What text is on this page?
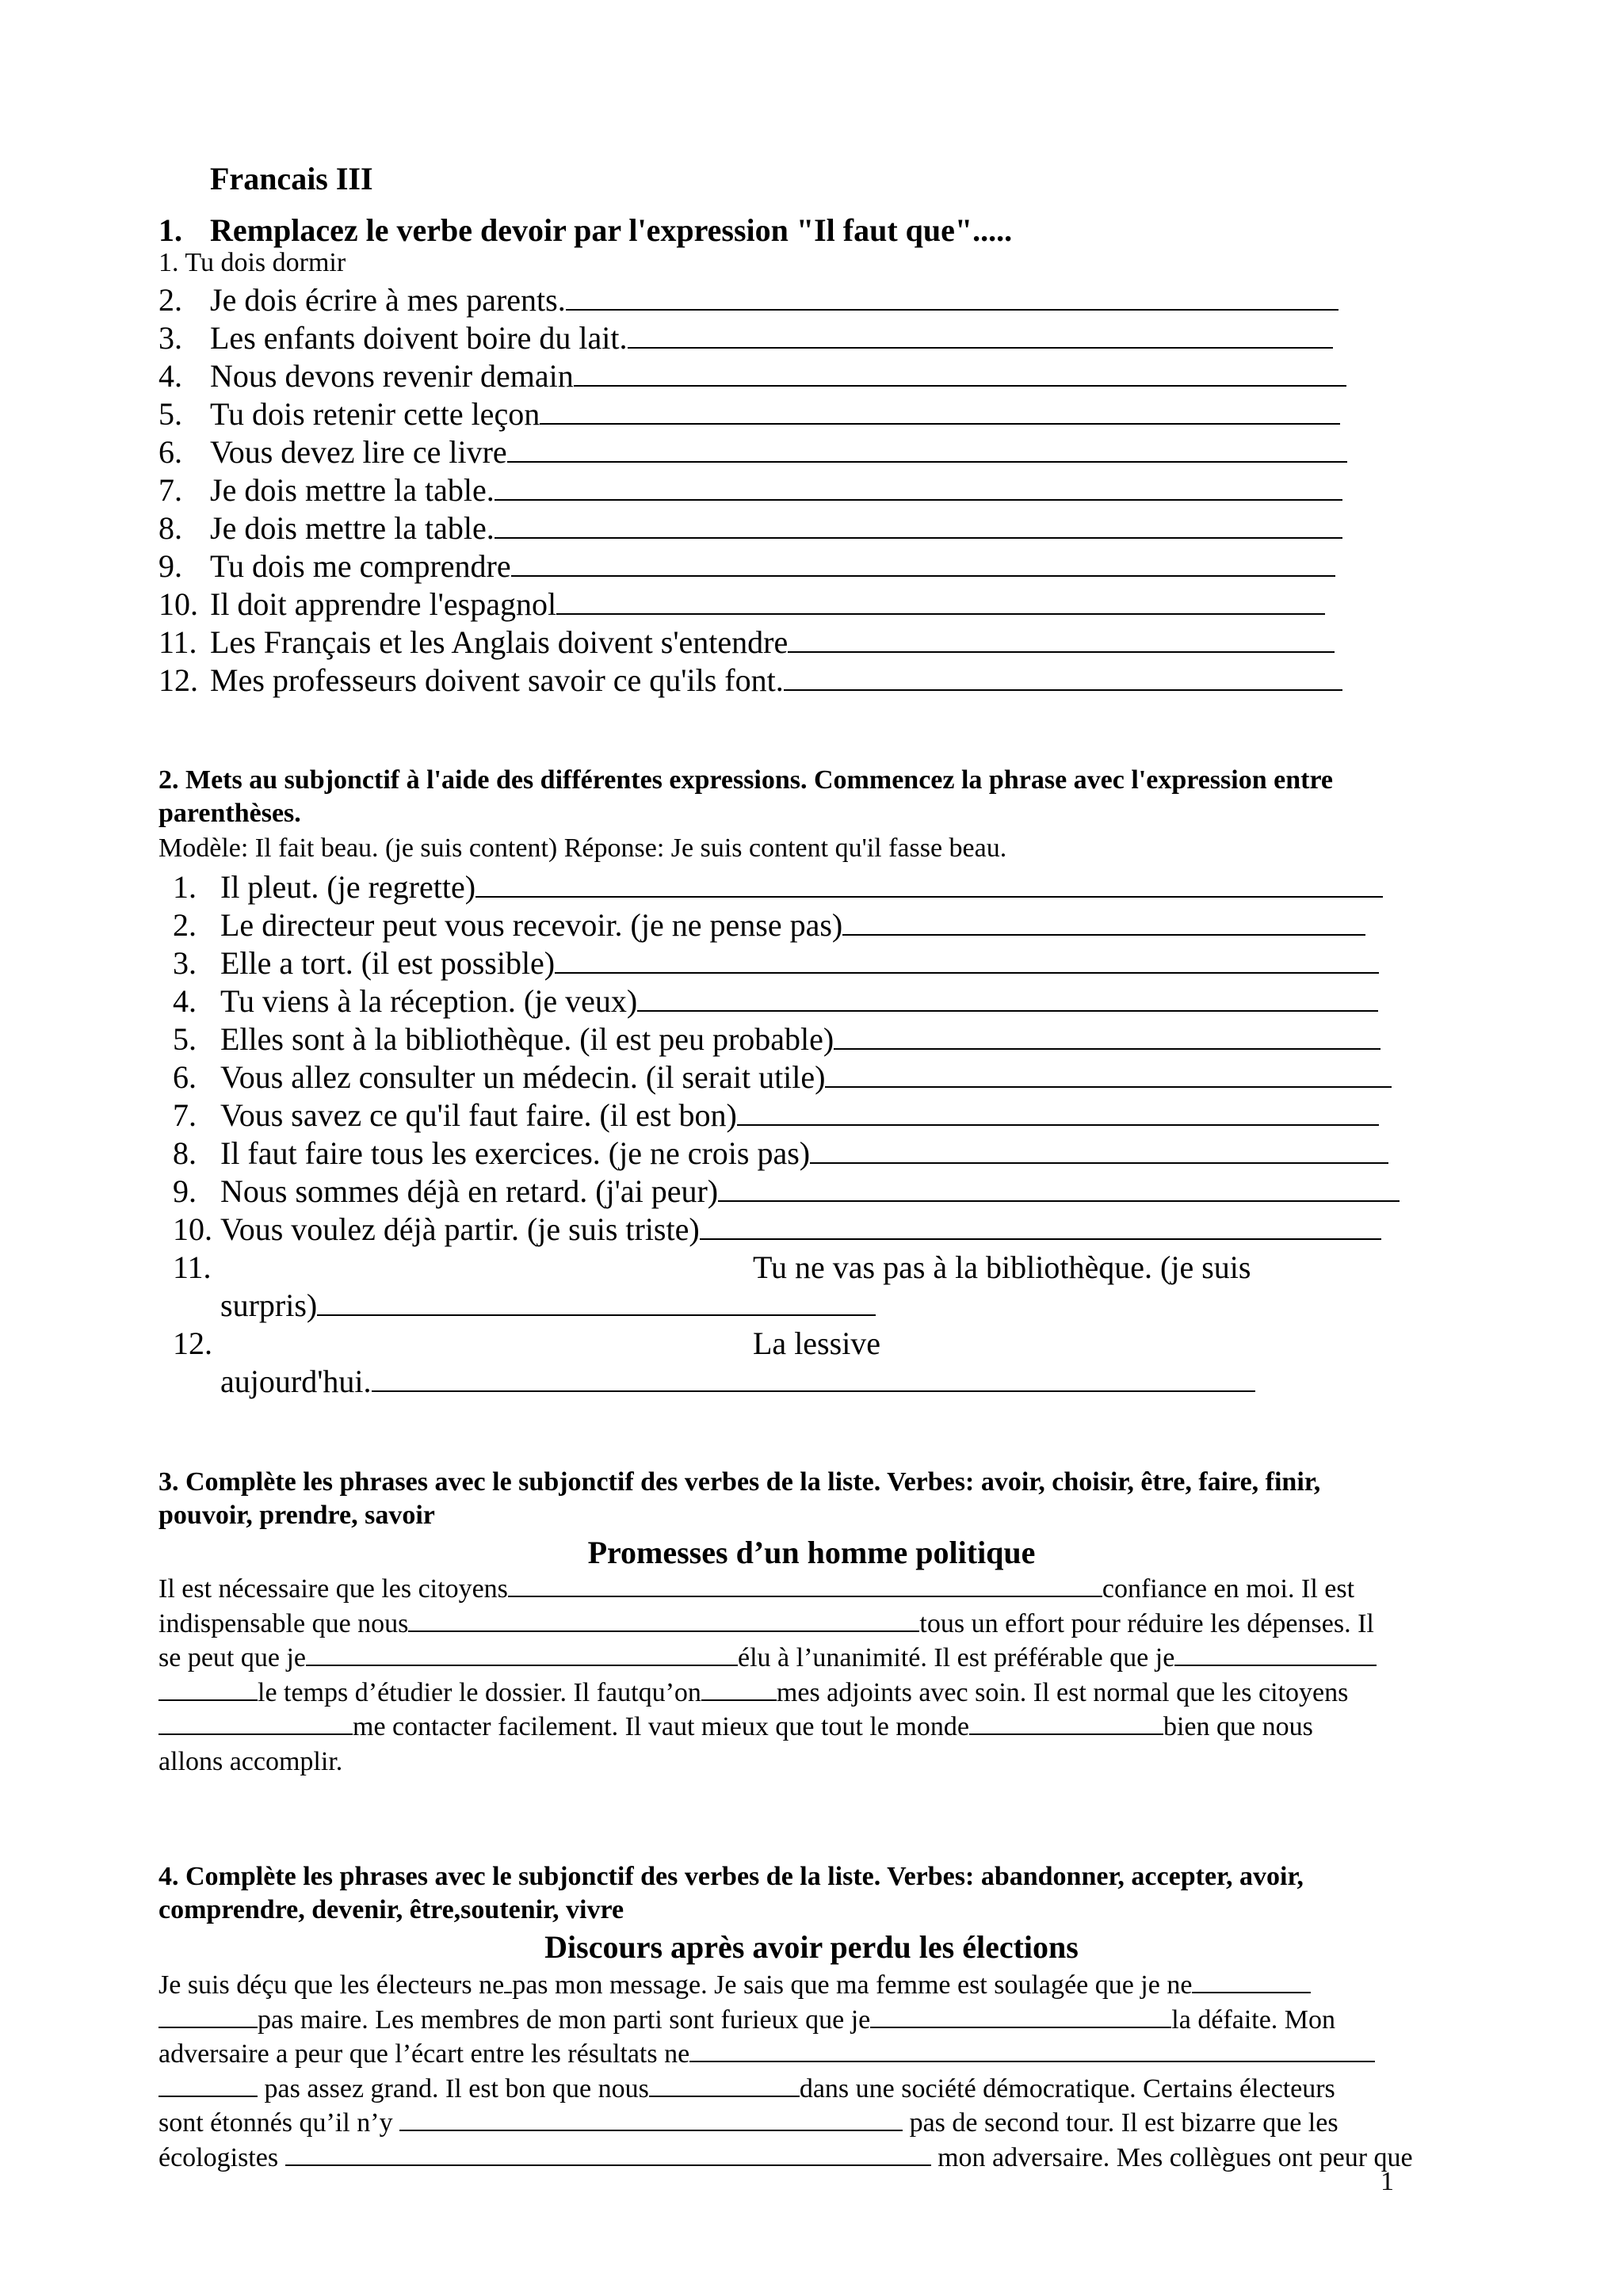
Francais III
1. Remplacez le verbe devoir par l'expression "Il faut que".....
1. Tu dois dormir
2. Je dois écrire à mes parents.
3. Les enfants doivent boire du lait.
4. Nous devons revenir demain
5. Tu dois retenir cette leçon
6. Vous devez lire ce livre
7. Je dois mettre la table.
8. Je dois mettre la table.
9. Tu dois me comprendre
10. Il doit apprendre l'espagnol
11. Les Français et les Anglais doivent s'entendre
12. Mes professeurs doivent savoir ce qu'ils font.
2. Mets au subjonctif à l'aide des différentes expressions. Commencez la phrase avec l'expression entre
parenthèses.
Modèle: Il fait beau. (je suis content) Réponse: Je suis content qu'il fasse beau.
1. Il pleut. (je regrette)
2. Le directeur peut vous recevoir. (je ne pense pas)
3. Elle a tort. (il est possible)
4. Tu viens à la réception. (je veux)
5. Elles sont à la bibliothèque. (il est peu probable)
6. Vous allez consulter un médecin. (il serait utile)
7. Vous savez ce qu'il faut faire. (il est bon)
8. Il faut faire tous les exercices. (je ne crois pas)
9. Nous sommes déjà en retard. (j'ai peur)
10. Vous voulez déjà partir. (je suis triste)
11.	Tu ne vas pas à la bibliothèque. (je suis
surpris)
12.	La lessive
aujourd'hui.
3. Complète les phrases avec le subjonctif des verbes de la liste. Verbes: avoir, choisir, être, faire, finir,
pouvoir, prendre, savoir
Promesses d’un homme politique
Il est nécessaire que les citoyens	confiance en moi. Il est
indispensable que nous	tous un effort pour réduire les dépenses. Il
se peut que je	élu à l’unanimité. Il est préférable que je
le temps d’étudier le dossier. Il fautqu’on	mes adjoints avec soin. Il est normal que les citoyens
me contacter facilement. Il vaut mieux que tout le monde	bien que nous
allons accomplir.
4. Complète les phrases avec le subjonctif des verbes de la liste. Verbes: abandonner, accepter, avoir,
comprendre, devenir, être,soutenir, vivre
Discours après avoir perdu les élections
Je suis déçu que les électeurs ne pas mon message. Je sais que ma femme est soulagée que je ne
pas maire. Les membres de mon parti sont furieux que je	la défaite. Mon
adversaire a peur que l’écart entre les résultats ne
pas assez grand. Il est bon que nous	dans une société démocratique. Certains électeurs
sont étonnés qu’il n’y	pas de second tour. Il est bizarre que les
écologistes	mon adversaire. Mes collègues ont peur que
1
